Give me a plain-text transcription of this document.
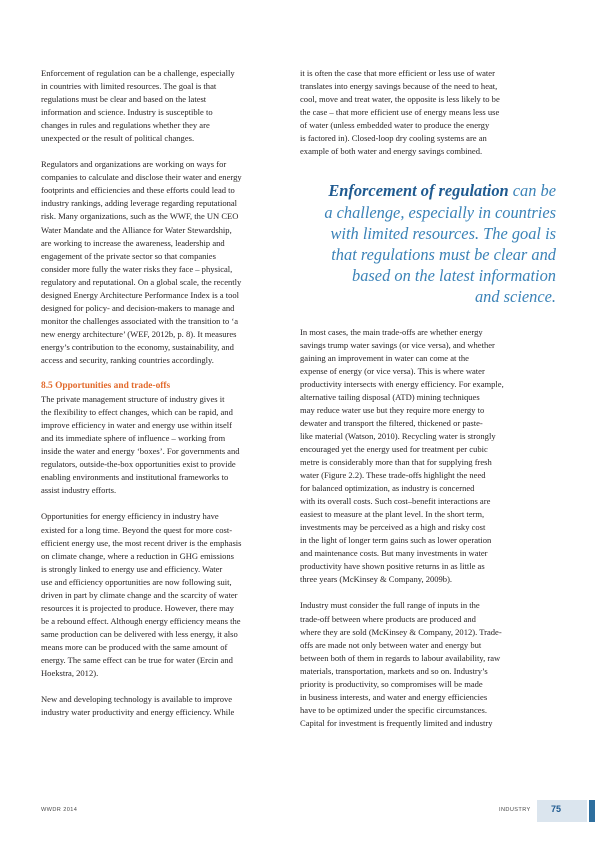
Enforcement of regulation can be a challenge, especially
in countries with limited resources. The goal is that
regulations must be clear and based on the latest
information and science. Industry is susceptible to
changes in rules and regulations whether they are
unexpected or the result of political changes.

Regulators and organizations are working on ways for
companies to calculate and disclose their water and energy
footprints and efficiencies and these efforts could lead to
industry rankings, adding leverage regarding reputational
risk. Many organizations, such as the WWF, the UN CEO
Water Mandate and the Alliance for Water Stewardship,
are working to increase the awareness, leadership and
engagement of the private sector so that companies
consider more fully the water risks they face – physical,
regulatory and reputational. On a global scale, the recently
designed Energy Architecture Performance Index is a tool
designed for policy- and decision-makers to manage and
monitor the challenges associated with the transition to ‘a
new energy architecture’ (WEF, 2012b, p. 8). It measures
energy’s contribution to the economy, sustainability, and
access and security, ranking countries accordingly.

8.5 Opportunities and trade-offs

The private management structure of industry gives it
the flexibility to effect changes, which can be rapid, and
improve efficiency in water and energy use within itself
and its immediate sphere of influence – working from
inside the water and energy ‘boxes’. For governments and
regulators, outside-the-box opportunities exist to provide
enabling environments and institutional frameworks to
assist industry efforts.

Opportunities for energy efficiency in industry have
existed for a long time. Beyond the quest for more cost-
efficient energy use, the most recent driver is the emphasis
on climate change, where a reduction in GHG emissions
is strongly linked to energy use and efficiency. Water
use and efficiency opportunities are now following suit,
driven in part by climate change and the scarcity of water
resources it is projected to produce. However, there may
be a rebound effect. Although energy efficiency means the
same production can be delivered with less energy, it also
means more can be produced with the same amount of
energy. The same effect can be true for water (Ercin and
Hoekstra, 2012).

New and developing technology is available to improve
industry water productivity and energy efficiency. While

it is often the case that more efficient or less use of water
translates into energy savings because of the need to heat,
cool, move and treat water, the opposite is less likely to be
the case – that more efficient use of energy means less use
of water (unless embedded water to produce the energy
is factored in). Closed-loop dry cooling systems are an
example of both water and energy savings combined.

Enforcement of regulation can be
a challenge, especially in countries
with limited resources. The goal is
that regulations must be clear and
based on the latest information
and science.

In most cases, the main trade-offs are whether energy
savings trump water savings (or vice versa), and whether
gaining an improvement in water can come at the
expense of energy (or vice versa). This is where water
productivity intersects with energy efficiency. For example,
alternative tailing disposal (ATD) mining techniques
may reduce water use but they require more energy to
dewater and transport the filtered, thickened or paste-
like material (Watson, 2010). Recycling water is strongly
encouraged yet the energy used for treatment per cubic
metre is considerably more than that for supplying fresh
water (Figure 2.2). These trade-offs highlight the need
for balanced optimization, as industry is concerned
with its overall costs. Such cost–benefit interactions are
easiest to measure at the plant level. In the short term,
investments may be perceived as a high and risky cost
in the light of longer term gains such as lower operation
and maintenance costs. But many investments in water
productivity have shown positive returns in as little as
three years (McKinsey & Company, 2009b).

Industry must consider the full range of inputs in the
trade-off between where products are produced and
where they are sold (McKinsey & Company, 2012). Trade-
offs are made not only between water and energy but
between both of them in regards to labour availability, raw
materials, transportation, markets and so on. Industry’s
priority is productivity, so compromises will be made
in business interests, and water and energy efficiencies
have to be optimized under the specific circumstances.
Capital for investment is frequently limited and industry

WWDR 2014	INDUSTRY 75
